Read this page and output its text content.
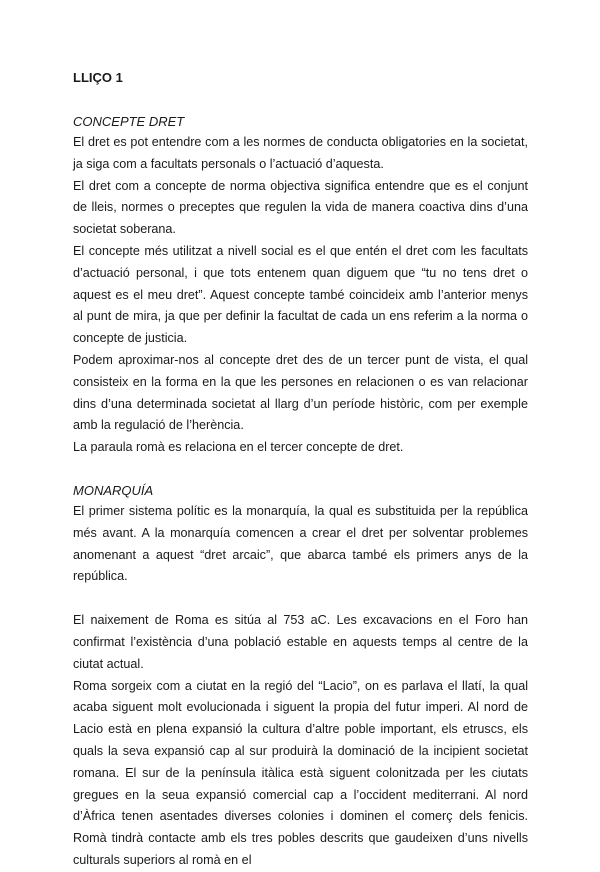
LLIÇO 1

CONCEPTE DRET

El dret es pot entendre com a les normes de conducta obligatories en la societat, ja siga com a facultats personals o l’actuació d’aquesta.

El dret com a concepte de norma objectiva significa entendre que es el conjunt de lleis, normes o preceptes que regulen la vida de manera coactiva dins d’una societat soberana.

El concepte més utilitzat a nivell social es el que entén el dret com les facultats d’actuació personal, i que tots entenem quan diguem que “tu no tens dret o aquest es el meu dret”. Aquest concepte també coincideix amb l’anterior menys al punt de mira, ja que per definir la facultat de cada un ens referim a la norma o concepte de justicia.

Podem aproximar-nos al concepte dret des de un tercer punt de vista, el qual consisteix en la forma en la que les persones en relacionen o es van relacionar dins d’una determinada societat al llarg d’un període històric, com per exemple amb la regulació de l’herència.

La paraula romà es relaciona en el tercer concepte de dret.

MONARQUÍA

El primer sistema polític es la monarquía, la qual es substituida per la república més avant. A la monarquía comencen a crear el dret per solventar problemes anomenant a aquest “dret arcaic”, que abarca també els primers anys de la república.

El naixement de Roma es sitúa al 753 aC. Les excavacions en el Foro han confirmat l’existència d’una població estable en aquests temps al centre de la ciutat actual.

Roma sorgeix com a ciutat en la regió del “Lacio”, on es parlava el llatí, la qual acaba siguent molt evolucionada i siguent la propia del futur imperi. Al nord de Lacio està en plena expansió la cultura d’altre poble important, els etruscs, els quals la seva expansió cap al sur produirà la dominació de la incipient societat romana. El sur de la península itàlica està siguent colonitzada per les ciutats gregues en la seua expansió comercial cap a l’occident mediterrani. Al nord d’Àfrica tenen asentades diverses colonies i dominen el comerç dels fenicis. Romà tindrà contacte amb els tres pobles descrits que gaudeixen d’uns nivells culturals superiors al romà en el
